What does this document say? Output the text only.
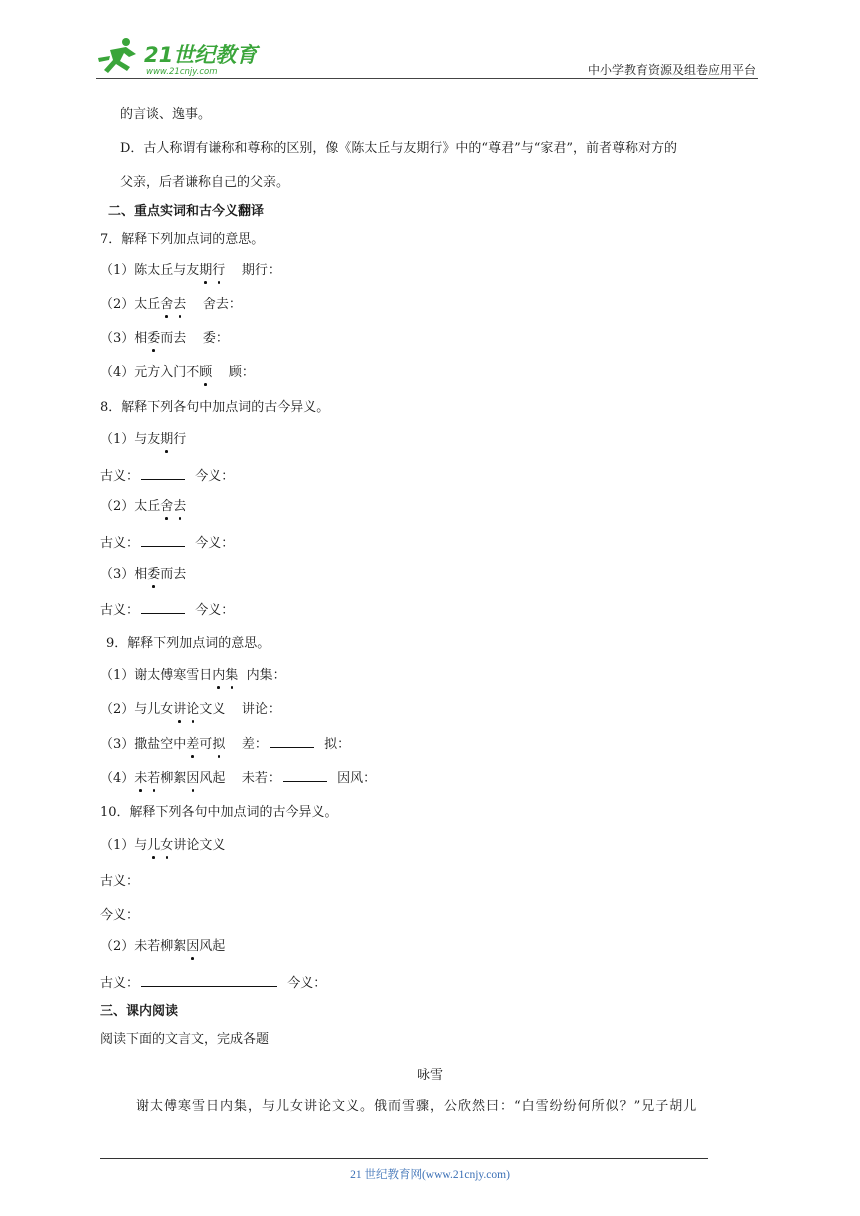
21世纪教育
www.21cnjy.com	中小学教育资源及组卷应用平台
的言谈、逸事。
D．古人称谓有谦称和尊称的区别，像《陈太丘与友期行》中的“尊君”与“家君”，前者尊称对方的
父亲，后者谦称自己的父亲。
二、重点实词和古今义翻译
7．解释下列加点词的意思。
（1）陈太丘与友期行 期行：
（2）太丘舍去 舍去：
（3）相委而去 委：
（4）元方入门不顾 顾：
8．解释下列各句中加点词的古今异义。
（1）与友期行
古义：	今义：
（2）太丘舍去
古义：	今义：
（3）相委而去
古义：	今义：
9．解释下列加点词的意思。
（1）谢太傅寒雪日内集 内集：
（2）与儿女讲论文义 讲论：
（3）撒盐空中差可拟 差：	拟：
（4）未若柳絮因风起 未若：	因风：
10．解释下列各句中加点词的古今异义。
（1）与儿女讲论文义
古义：
今义：
（2）未若柳絮因风起
古义：	今义：
三、课内阅读
阅读下面的文言文，完成各题
咏雪
谢太傅寒雪日内集，与儿女讲论文义。俄而雪骤，公欣然曰：“白雪纷纷何所似？”兄子胡儿
21 世纪教育网(www.21cnjy.com)
